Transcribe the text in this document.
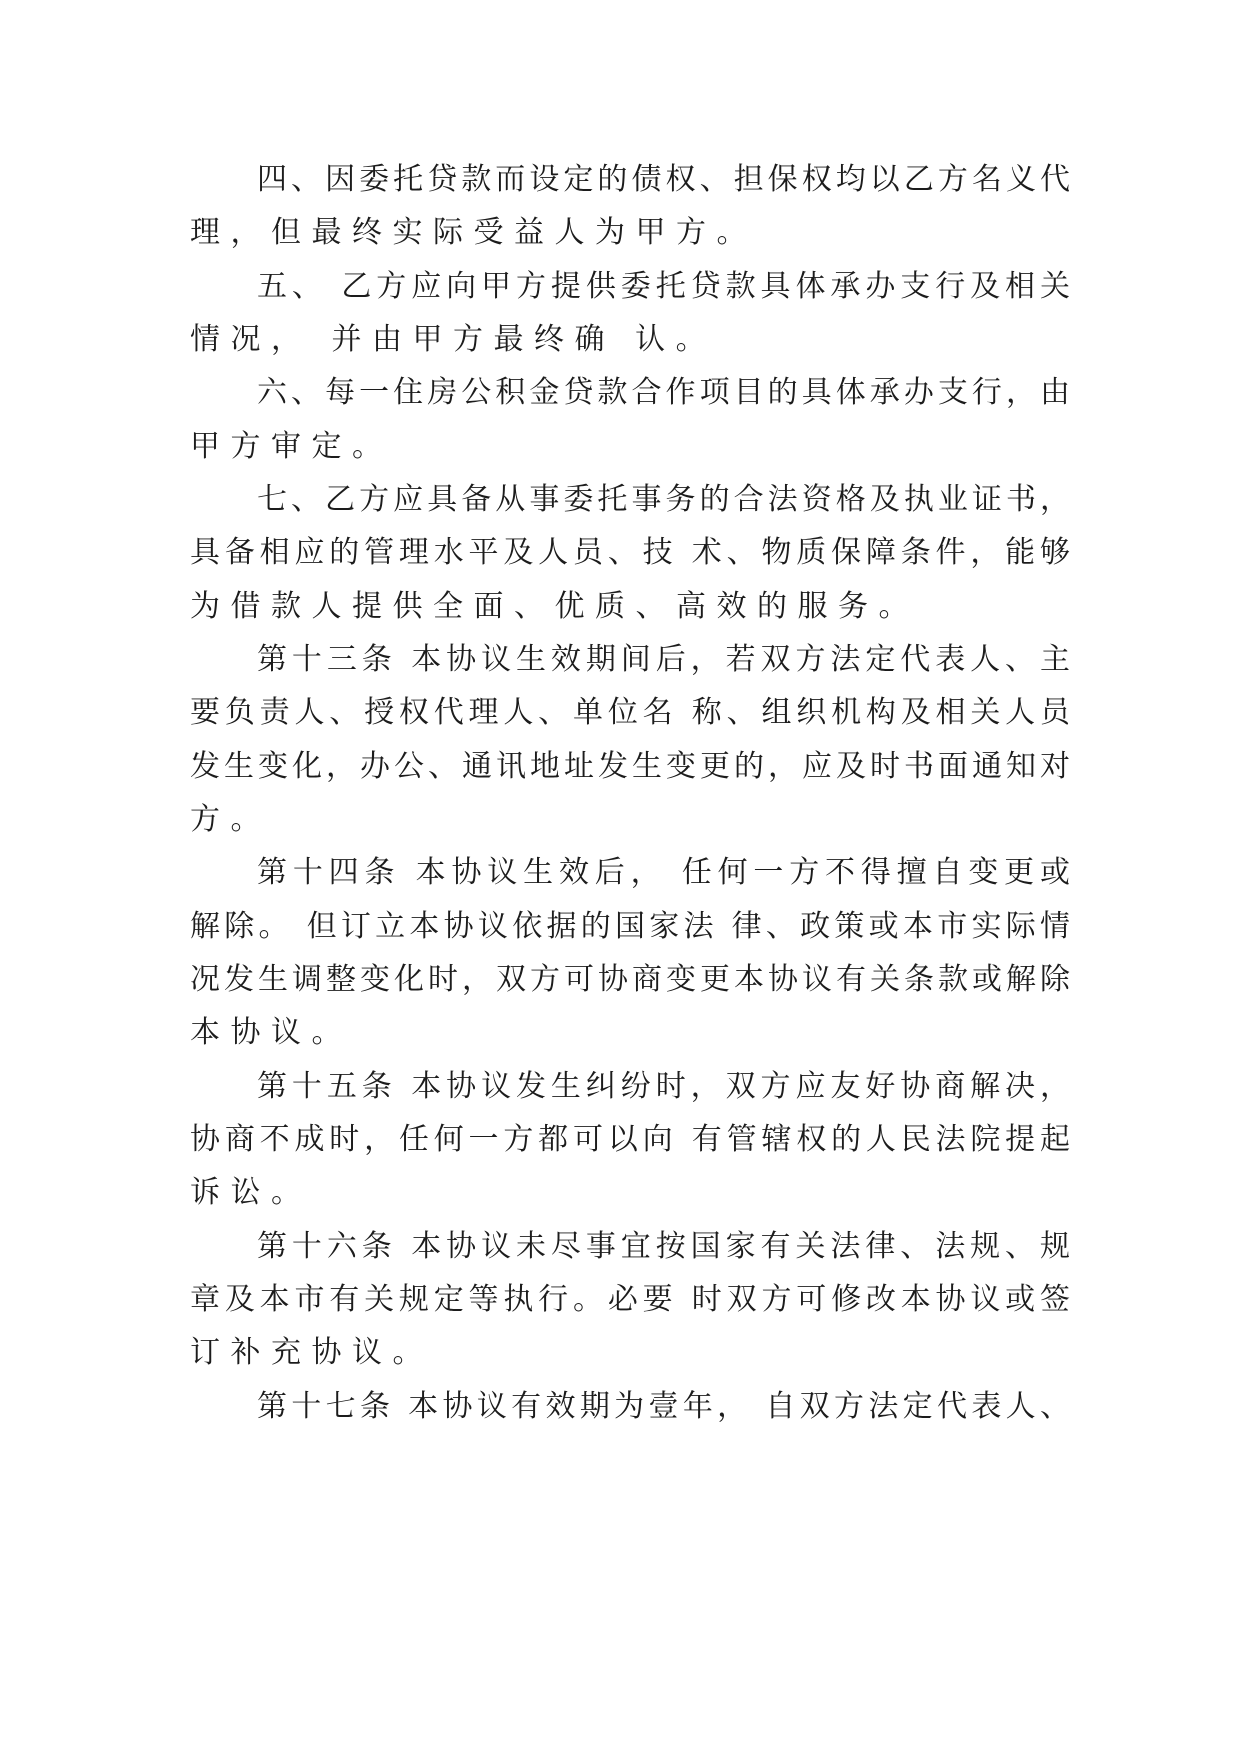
四、因委托贷款而设定的债权、担保权均以乙方名义代
理，但最终实际受益人为甲方。
五、 乙方应向甲方提供委托贷款具体承办支行及相关
情况， 并由甲方最终确 认。
六、每一住房公积金贷款合作项目的具体承办支行，由
甲方审定。
七、乙方应具备从事委托事务的合法资格及执业证书，
具备相应的管理水平及人员、技 术、物质保障条件，能够
为借款人提供全面、优质、高效的服务。
第十三条 本协议生效期间后，若双方法定代表人、主
要负责人、授权代理人、单位名 称、组织机构及相关人员
发生变化，办公、通讯地址发生变更的，应及时书面通知对
方。
第十四条 本协议生效后， 任何一方不得擅自变更或
解除。 但订立本协议依据的国家法 律、政策或本市实际情
况发生调整变化时，双方可协商变更本协议有关条款或解除
本协议。
第十五条 本协议发生纠纷时，双方应友好协商解决，
协商不成时，任何一方都可以向 有管辖权的人民法院提起
诉讼。
第十六条 本协议未尽事宜按国家有关法律、法规、规
章及本市有关规定等执行。必要 时双方可修改本协议或签
订补充协议。
第十七条 本协议有效期为壹年， 自双方法定代表人、
